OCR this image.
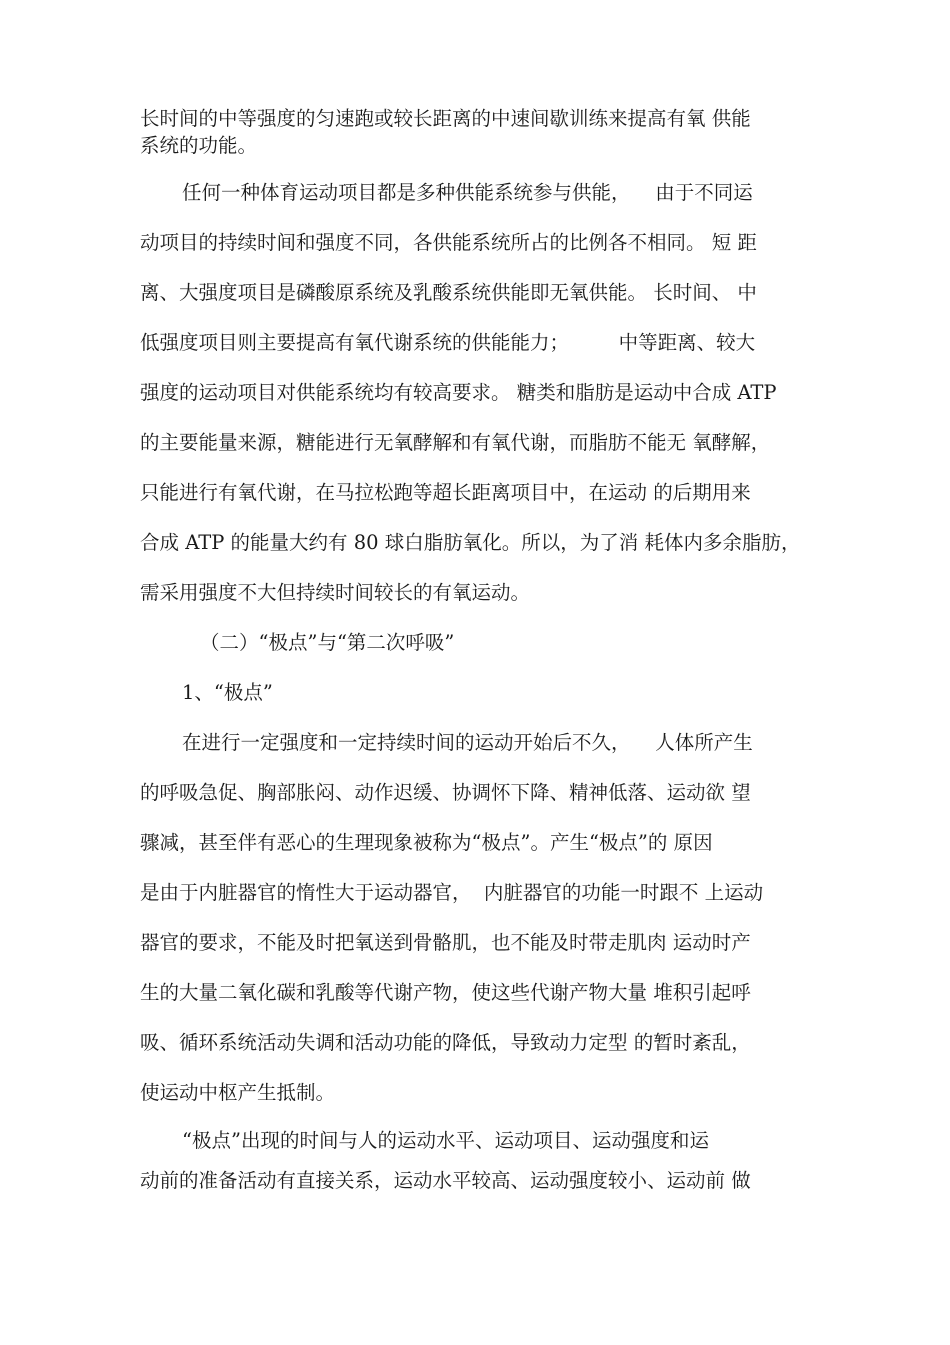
长时间的中等强度的匀速跑或较长距离的中速间歇训练来提高有氧 供能

系统的功能。

任何一种体育运动项目都是多种供能系统参与供能，    由于不同运

动项目的持续时间和强度不同，各供能系统所占的比例各不相同。 短 距

离、大强度项目是磷酸原系统及乳酸系统供能即无氧供能。 长时间、 中

低强度项目则主要提高有氧代谢系统的供能能力；        中等距离、较大

强度的运动项目对供能系统均有较高要求。 糖类和脂肪是运动中合成 ATP

的主要能量来源，糖能进行无氧酵解和有氧代谢，而脂肪不能无 氧酵解，

只能进行有氧代谢，在马拉松跑等超长距离项目中，在运动 的后期用来

合成 ATP 的能量大约有 80 球白脂肪氧化。所以，为了消 耗体内多余脂肪，

需采用强度不大但持续时间较长的有氧运动。

（二）“极点”与“第二次呼吸”

1、“极点”

在进行一定强度和一定持续时间的运动开始后不久，    人体所产生

的呼吸急促、胸部胀闷、动作迟缓、协调怀下降、精神低落、运动欲 望

骤减，甚至伴有恶心的生理现象被称为“极点”。产生“极点”的 原因

是由于内脏器官的惰性大于运动器官，  内脏器官的功能一时跟不 上运动

器官的要求，不能及时把氧送到骨骼肌，也不能及时带走肌肉 运动时产

生的大量二氧化碳和乳酸等代谢产物，使这些代谢产物大量 堆积引起呼

吸、循环系统活动失调和活动功能的降低，导致动力定型 的暂时紊乱，

使运动中枢产生抵制。

“极点”出现的时间与人的运动水平、运动项目、运动强度和运

动前的准备活动有直接关系，运动水平较高、运动强度较小、运动前 做
